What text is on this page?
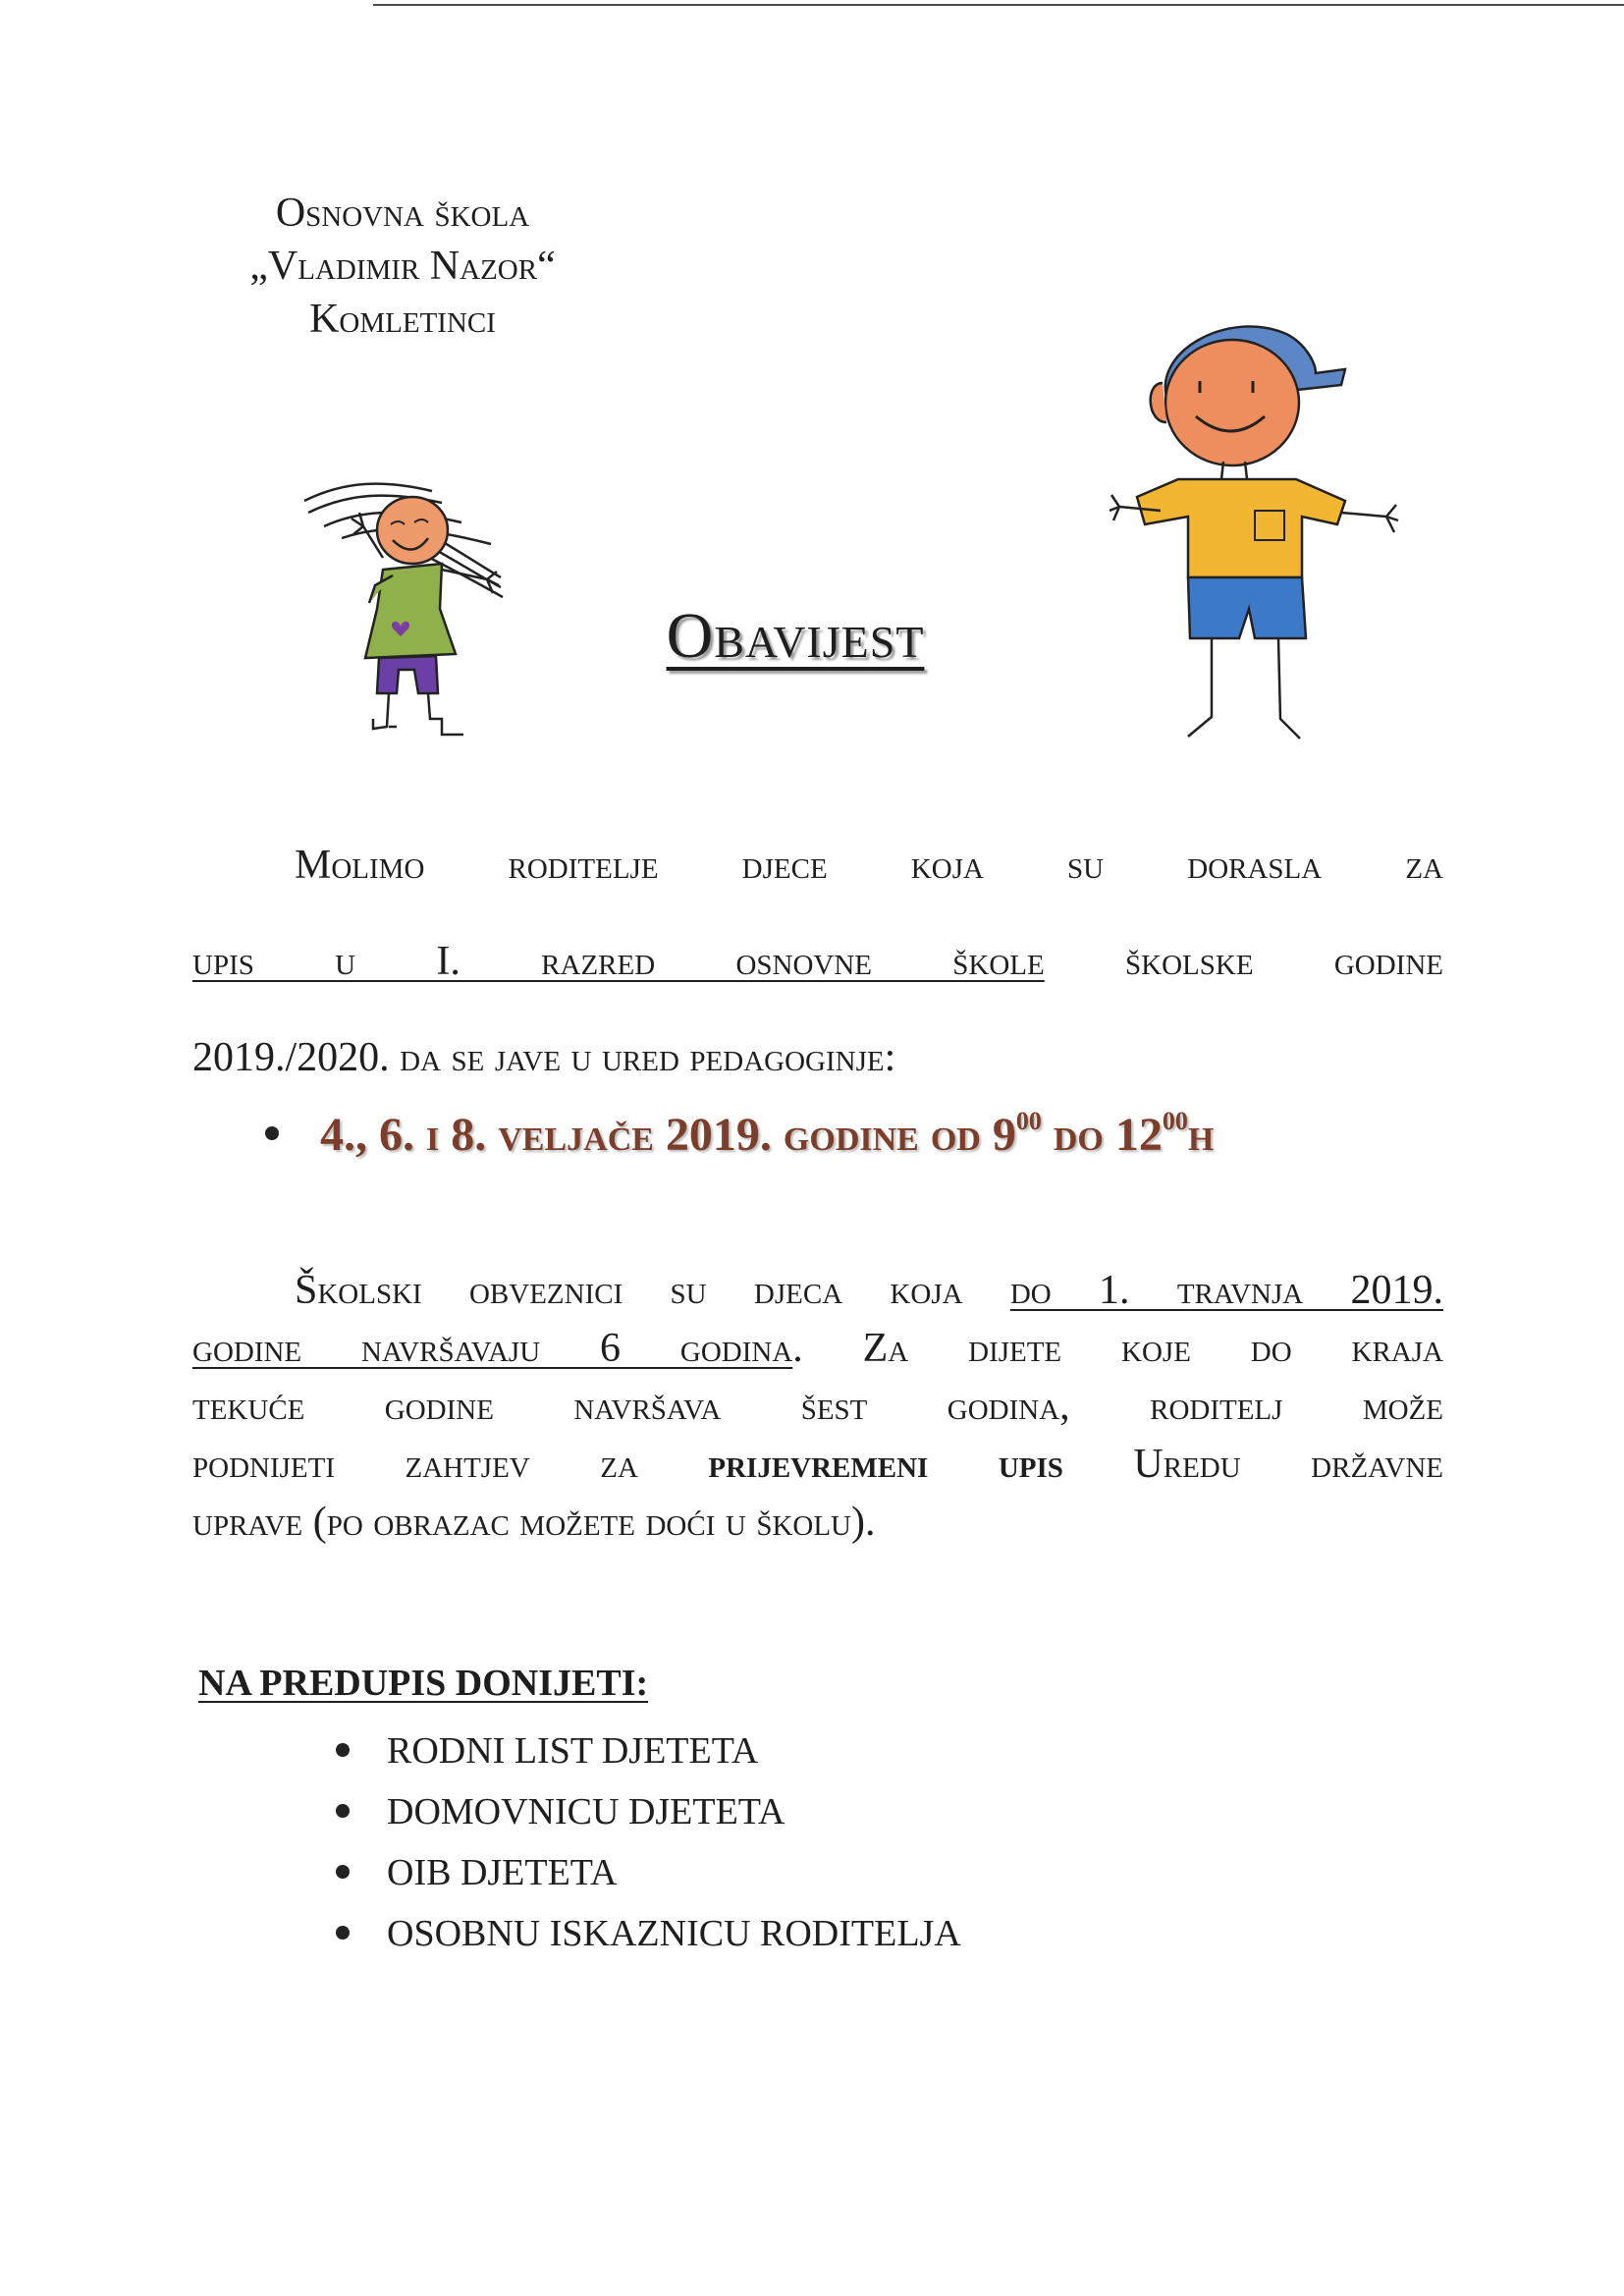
Osnovna škola
„Vladimir Nazor“
Komletinci
Obavijest
Molimo roditelje djece koja su dorasla za
upis u I. razred osnovne škole školske godine
2019./2020. da se jave u ured pedagoginje:
4., 6. i 8. veljače 2019. godine od $9^{00}$ do $12^{00}h$
Školski obveznici su djeca koja do 1. travnja 2019.
godine navršavaju 6 godina. Za dijete koje do kraja
tekuće godine navršava šest godina, roditelj može
podnijeti zahtjev za prijevremeni upis Uredu državne
uprave (po obrazac možete doći u školu).
NA PREDUPIS DONIJETI:
RODNI LIST DJETETA
DOMOVNICU DJETETA
OIB DJETETA
OSOBNU ISKAZNICU RODITELJA
